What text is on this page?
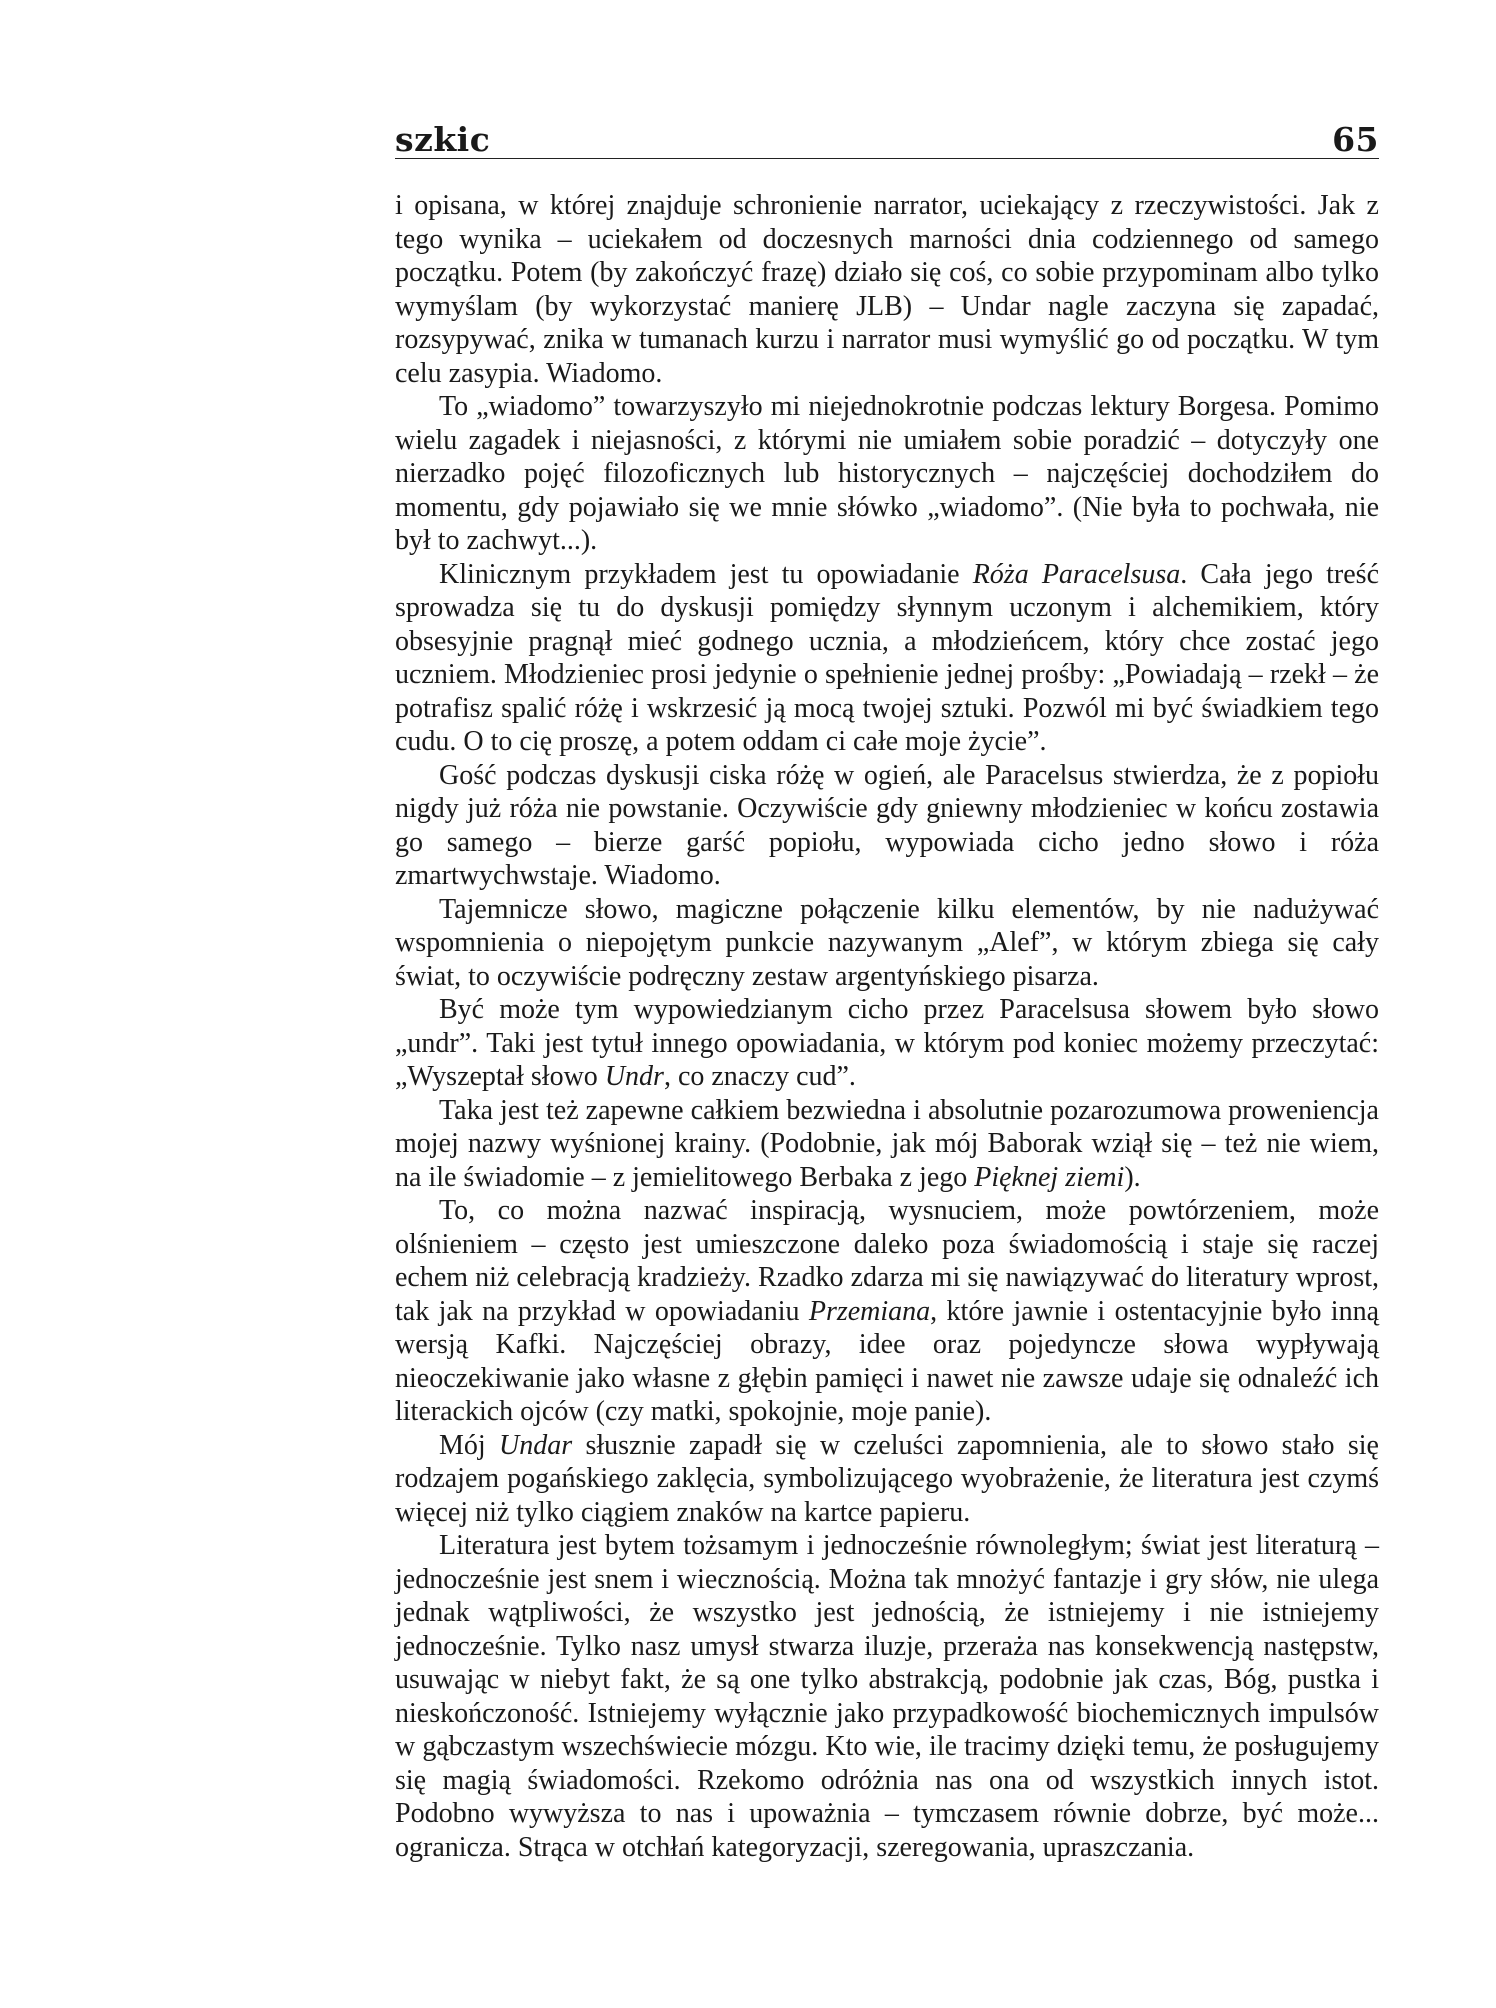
szkic	65

i opisana, w której znajduje schronienie narrator, uciekający z rzeczywistości. Jak z tego wynika – uciekałem od doczesnych marności dnia codziennego od samego początku. Potem (by zakończyć frazę) działo się coś, co sobie przypominam albo tylko wymyślam (by wykorzystać manierę JLB) – Undar nagle zaczyna się zapadać, rozsypywać, znika w tumanach kurzu i narrator musi wymyślić go od początku. W tym celu zasypia. Wiadomo.

To „wiadomo” towarzyszyło mi niejednokrotnie podczas lektury Borgesa. Pomimo wielu zagadek i niejasności, z którymi nie umiałem sobie poradzić – dotyczyły one nierzadko pojęć filozoficznych lub historycznych – najczęściej dochodziłem do momentu, gdy pojawiało się we mnie słówko „wiadomo”. (Nie była to pochwała, nie był to zachwyt...).

Klinicznym przykładem jest tu opowiadanie Róża Paracelsusa. Cała jego treść sprowadza się tu do dyskusji pomiędzy słynnym uczonym i alchemikiem, który obsesyjnie pragnął mieć godnego ucznia, a młodzieńcem, który chce zostać jego uczniem. Młodzieniec prosi jedynie o spełnienie jednej prośby: „Powiadają – rzekł – że potrafisz spalić różę i wskrzesić ją mocą twojej sztuki. Pozwól mi być świadkiem tego cudu. O to cię proszę, a potem oddam ci całe moje życie”.

Gość podczas dyskusji ciska różę w ogień, ale Paracelsus stwierdza, że z popiołu nigdy już róża nie powstanie. Oczywiście gdy gniewny młodzieniec w końcu zostawia go samego – bierze garść popiołu, wypowiada cicho jedno słowo i róża zmartwychwstaje. Wiadomo.

Tajemnicze słowo, magiczne połączenie kilku elementów, by nie nadużywać wspomnienia o niepojętym punkcie nazywanym „Alef”, w którym zbiega się cały świat, to oczywiście podręczny zestaw argentyńskiego pisarza.

Być może tym wypowiedzianym cicho przez Paracelsusa słowem było słowo „undr”. Taki jest tytuł innego opowiadania, w którym pod koniec możemy przeczytać: „Wyszeptał słowo Undr, co znaczy cud”.

Taka jest też zapewne całkiem bezwiedna i absolutnie pozarozumowa proweniencja mojej nazwy wyśnionej krainy. (Podobnie, jak mój Baborak wziął się – też nie wiem, na ile świadomie – z jemielitowego Berbaka z jego Pięknej ziemi).

To, co można nazwać inspiracją, wysnuciem, może powtórzeniem, może olśnieniem – często jest umieszczone daleko poza świadomością i staje się raczej echem niż celebracją kradzieży. Rzadko zdarza mi się nawiązywać do literatury wprost, tak jak na przykład w opowiadaniu Przemiana, które jawnie i ostentacyjnie było inną wersją Kafki. Najczęściej obrazy, idee oraz pojedyncze słowa wypływają nieoczekiwanie jako własne z głębin pamięci i nawet nie zawsze udaje się odnaleźć ich literackich ojców (czy matki, spokojnie, moje panie).

Mój Undar słusznie zapadł się w czeluści zapomnienia, ale to słowo stało się rodzajem pogańskiego zaklęcia, symbolizującego wyobrażenie, że literatura jest czymś więcej niż tylko ciągiem znaków na kartce papieru.

Literatura jest bytem tożsamym i jednocześnie równoległym; świat jest literaturą – jednocześnie jest snem i wiecznością. Można tak mnożyć fantazje i gry słów, nie ulega jednak wątpliwości, że wszystko jest jednością, że istniejemy i nie istniejemy jednocześnie. Tylko nasz umysł stwarza iluzje, przeraża nas konsekwencją następstw, usuwając w niebyt fakt, że są one tylko abstrakcją, podobnie jak czas, Bóg, pustka i nieskończoność. Istniejemy wyłącznie jako przypadkowość biochemicznych impulsów w gąbczastym wszechświecie mózgu. Kto wie, ile tracimy dzięki temu, że posługujemy się magią świadomości. Rzekomo odróżnia nas ona od wszystkich innych istot. Podobno wywyższa to nas i upoważnia – tymczasem równie dobrze, być może... ogranicza. Strąca w otchłań kategoryzacji, szeregowania, upraszczania.
